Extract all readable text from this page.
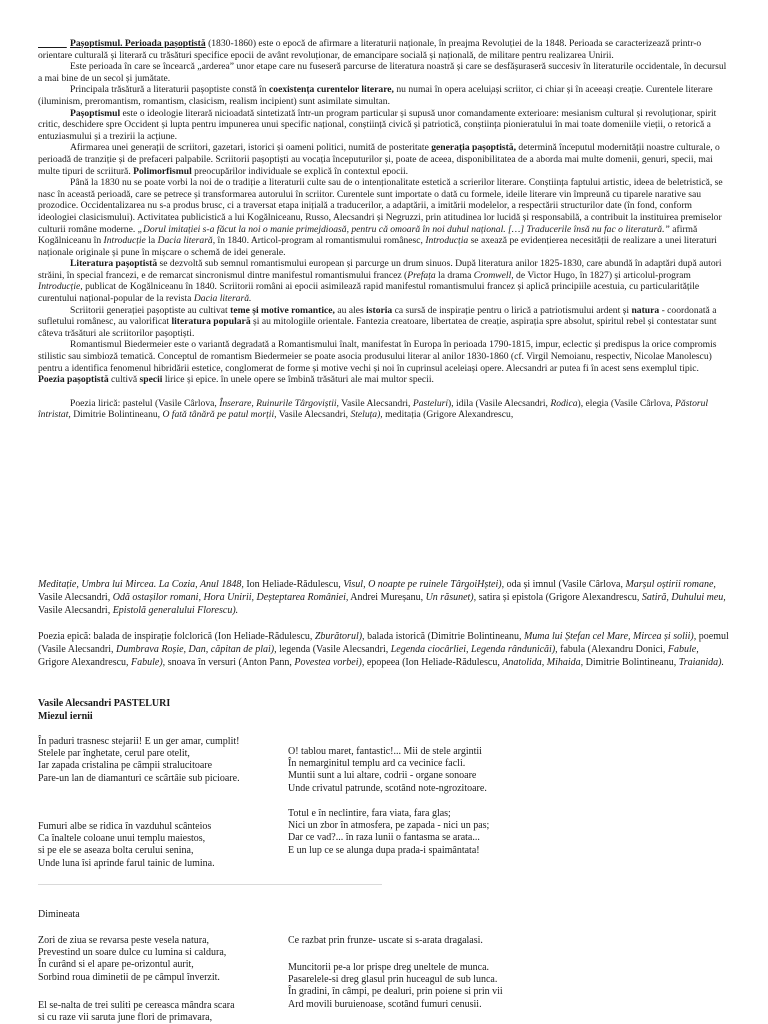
Pașoptismul. Perioada pașoptistă (1830-1860) este o epocă de afirmare a literaturii naționale, în preajma Revoluției de la 1848. Perioada se caracterizează printr-o orientare culturală și literară cu trăsături specifice epocii de avânt revoluționar, de emancipare socială și națională, de militare pentru realizarea Unirii.

Este perioada în care se încearcă „arderea” unor etape care nu fuseseră parcurse de literatura noastră și care se desfășuraseră succesiv în literaturile occidentale, în decursul a mai bine de un secol și jumătate.

Principala trăsătură a literaturii pașoptiste constă în coexistența curentelor literare, nu numai în opera acelui̦ași scriitor, ci chiar și în aceeași creație. Curentele literare (iluminism, preromantism, romantism, clasicism, realism incipient) sunt asimilate simultan.

Pașoptismul este o ideologie literară nicioadată sintetizată într-un program particular și supusă unor comandamente exterioare: mesianism cultural și revoluționar, spirit critic, deschidere spre Occident și lupta pentru impunerea unui specific național, conștiință civică și patriotică, conștiința pionieratului în mai toate domeniile vieții, o retorică a entuziasmului și a trezirii la acțiune.

Afirmarea unei generații de scriitori, gazetari, istorici și oameni politici, numită de posteritate generația pașoptistă, determină începutul modernității noastre culturale, o perioadă de tranziție și de prefaceri palpabile. Scriitorii pașoptiști au vocația începuturilor și, poate de aceea, disponibilitatea de a aborda mai multe domenii, genuri, specii, mai multe tipuri de scriitură. Polimorfismul preocupărilor individuale se explică în contextul epocii.

Până la 1830 nu se poate vorbi la noi de o tradiție a literaturii culte sau de o intenționalitate estetică a scrierilor literare. Conștiința faptului artistic, ideea de beletristică, se nasc în această perioadă, care se petrece și transformarea autorului în scriitor. Curentele sunt importate o dată cu formele, ideile literare vin împreună cu tiparele narative sau prozodice. Occidentalizarea nu s-a produs brusc, ci a traversat etapa inițială a traducerilor, a adaptării, a imitării modelelor, a respectării structurilor date (în fond, conform ideologiei clasicismului). Activitatea publicistică a lui Kogălniceanu, Russo, Alecsandri și Negruzzi, prin atitudinea lor lucidă și responsabilă, a contribuit la instituirea premiselor culturii române moderne. „Dorul imitației s-a făcut la noi o manie primejdioasă, pentru că omoară în noi duhul național. […] Traducerile însă nu fac o literatură.” afirmă Kogălniceanu în Introducție la Dacia literară, în 1840. Articol-program al romantismului românesc, Introducția se axează pe evidențierea necesității de realizare a unei literaturi naționale originale și pune în mișcare o schemă de idei generale.

Literatura pașoptistă se dezvoltă sub semnul romantismului european și parcurge un drum sinuos. După literatura anilor 1825-1830, care abundă în adaptări după autori străini, în special francezi, e de remarcat sincronismul dintre manifestul romantismului francez (Prefața la drama Cromwell, de Victor Hugo, în 1827) și articolul-program Introducție, publicat de Kogălniceanu în 1840. Scriitorii români ai epocii asimilează rapid manifestul romantismului francez și aplică principiile acestuia, cu particularitățile curentului național-popular de la revista Dacia literară.

Scriitorii generației pașoptiste au cultivat teme și motive romantice, au ales istoria ca sursă de inspirație pentru o lirică a patriotismului ardent și natura - coordonată a sufletului românesc, au valorificat literatura populară și au mitologiile orientale. Fantezia creatoare, libertatea de creație, aspirația spre absolut, spiritul rebel și contestatar sunt câteva trăsături ale scriitorilor pașoptiști.

Romantismul Biedermeier este o variantă degradată a Romantismului înalt, manifestat în Europa în perioada 1790-1815, impur, eclectic și predispus la orice compromis stilistic sau simbioză tematică. Conceptul de romantism Biedermeier se poate asocia produsului literar al anilor 1830-1860 (cf. Virgil Nemoianu, respectiv, Nicolae Manolescu) pentru a identifica fenomenul hibridării estetice, conglomerat de forme și motive vechi și noi în cuprinsul aceleiași opere. Alecsandri ar putea fi în acest sens exemplul tipic.

Poezia pașoptistă cultivă specii lirice și epice. în unele opere se îmbină trăsături ale mai multor specii.

Poezia lirică: pastelul (Vasile Cârlova, Înserare, Ruinurile Târgoviștii, Vasile Alecsandri, Pasteluri), idila (Vasile Alecsandri, Rodica), elegia (Vasile Cârlova, Păstorul întristat, Dimitrie Bolintineanu, O fată tânără pe patul morții, Vasile Alecsandri, Steluța), meditația (Grigore Alexandrescu,

Meditație, Umbra lui Mircea. La Cozia, Anul 1848, Ion Heliade-Rădulescu, Visul, O noapte pe ruinele TârgoiHștei), oda și imnul (Vasile Cârlova, Marșul oștirii romane, Vasile Alecsandri, Odă ostașilor romani, Hora Unirii, Deșteptarea României, Andrei Mureșanu, Un răsunet), satira și epistola (Grigore Alexandrescu, Satiră, Duhului meu, Vasile Alecsandri, Epistolă generalului Florescu).

Poezia epică: balada de inspirație folclorică (Ion Heliade-Rădulescu, Zburătorul), balada istorică (Dimitrie Bolintineanu, Muma lui Ștefan cel Mare, Mircea și solii), poemul (Vasile Alecsandri, Dumbrava Roșie, Dan, căpitan de plai), legenda (Vasile Alecsandri, Legenda ciocârliei, Legenda rândunicăi), fabula (Alexandru Donici, Fabule, Grigore Alexandrescu, Fabule), snoava în versuri (Anton Pann, Povestea vorbei), epopeea (Ion Heliade-Rădulescu, Anatolida, Mihaida, Dimitrie Bolintineanu, Traianida).

Vasile Alecsandri PASTELURI
Miezul iernii
În paduri trasnesc stejarii! E un ger amar, cumplit!
Stelele par înghetate, cerul pare otelit,
Iar zapada cristalina pe câmpii stralucitoare
Pare-un lan de diamanturi ce scârtâie sub picioare.
Fumuri albe se ridica în vazduhul scânteios
Ca înaltele coloane unui templu maiestos,
si pe ele se aseaza bolta cerului senina,
Unde luna îsi aprinde farul tainic de lumina.
O! tablou maret, fantastic!... Mii de stele argintii
În nemarginitul templu ard ca vecinice facli.
Muntii sunt a lui altare, codrii - organe sonoare
Unde crivatul patrunde, scotând note-ngrozitoare.
Totul e în neclintire, fara viata, fara glas;
Nici un zbor în atmosfera, pe zapada - nici un pas;
Dar ce vad?... în raza lunii o fantasma se arata...
E un lup ce se alunga dupa prada-i spaimântata!
Dimineata
Zori de ziua se revarsa peste vesela natura,
Prevestind un soare dulce cu lumina si caldura,
În curând si el apare pe-orizontul aurit,
Sorbind roua diminetii de pe câmpul înverzit.
El se-nalta de trei suliti pe cereasca mândra scara
si cu raze vii saruta june flori de primavara,
Ce razbat prin frunze- uscate si s-arata dragalasi.
Muncitorii pe-a lor prispe dreg uneltele de munca.
Pasarelele-si dreg glasul prin huceagul de sub lunca.
În gradini, în câmpi, pe dealuri, prin poiene si prin vii
Ard movili buruienoase, scotând fumuri cenusii.
